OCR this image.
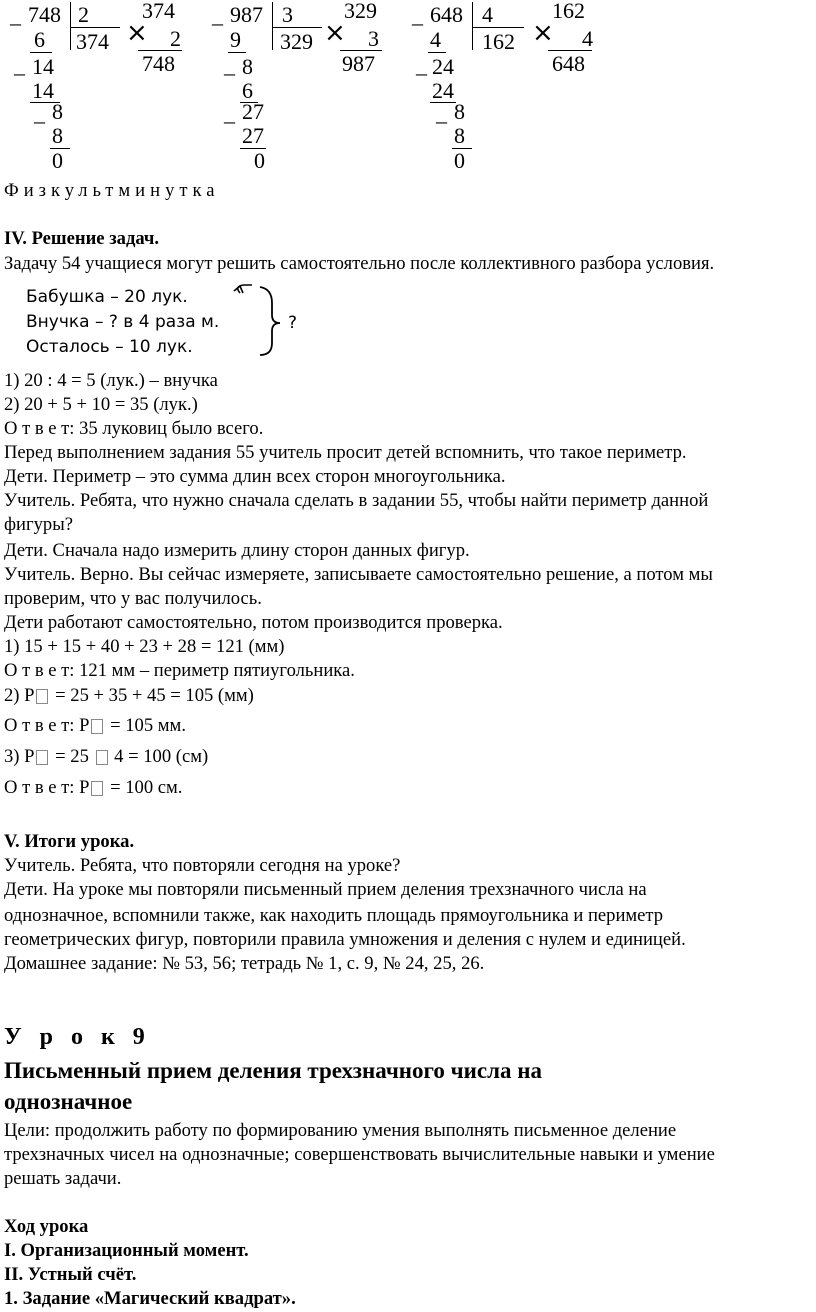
– 748 2
374
6
– 14
14
– 8
8
0
×
374
2
748
– 987 3
329
9
– 8
6
– 27
27
0
×
329
3
987
– 648 4
162
4
– 24
24
– 8
8
0
×
162
4
648
Физкультминутка
IV. Решение задач.
Задачу 54 учащиеся могут решить самостоятельно после коллективного разбора условия.
Бабушка – 20 лук.
Внучка – ? в 4 раза м.
Осталось – 10 лук.
?
1) 20 : 4 = 5 (лук.) – внучка
2) 20 + 5 + 10 = 35 (лук.)
О т в е т: 35 луковиц было всего.
Перед выполнением задания 55 учитель просит детей вспомнить, что такое периметр.
Дети. Периметр – это сумма длин всех сторон многоугольника.
Учитель. Ребята, что нужно сначала сделать в задании 55, чтобы найти периметр данной
фигуры?
Дети. Сначала надо измерить длину сторон данных фигур.
Учитель. Верно. Вы сейчас измеряете, записываете самостоятельно решение, а потом мы
проверим, что у вас получилось.
Дети работают самостоятельно, потом производится проверка.
1) 15 + 15 + 40 + 23 + 28 = 121 (мм)
О т в е т: 121 мм – периметр пятиугольника.
2) Р = 25 + 35 + 45 = 105 (мм)
О т в е т: Р = 105 мм.
3) Р = 25  4 = 100 (см)
О т в е т: Р = 100 см.
V. Итоги урока.
Учитель. Ребята, что повторяли сегодня на уроке?
Дети. На уроке мы повторяли письменный прием деления трехзначного числа на
однозначное, вспомнили также, как находить площадь прямоугольника и периметр
геометрических фигур, повторили правила умножения и деления с нулем и единицей.
Домашнее задание: № 53, 56; тетрадь № 1, с. 9, № 24, 25, 26.
У р о к 9
Письменный прием деления трехзначного числа на
однозначное
Цели: продолжить работу по формированию умения выполнять письменное деление
трехзначных чисел на однозначные; совершенствовать вычислительные навыки и умение
решать задачи.
Ход урока
I. Организационный момент.
II. Устный счёт.
1. Задание «Магический квадрат».
